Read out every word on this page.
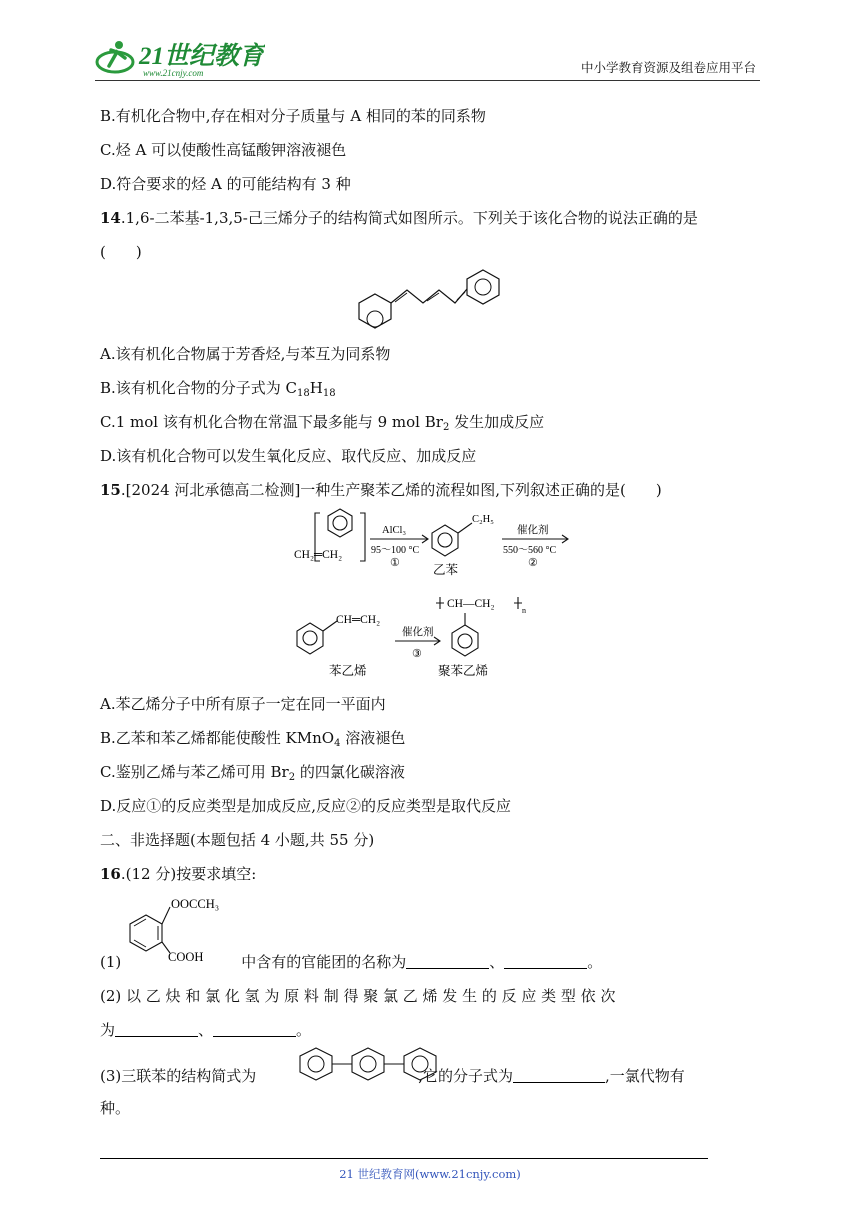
21世纪教育
www.21cnjy.com	中小学教育资源及组卷应用平台
B.有机化合物中,存在相对分子质量与 A 相同的苯的同系物
C.烃 A 可以使酸性高锰酸钾溶液褪色
D.符合要求的烃 A 的可能结构有 3 种
14.1,6-二苯基-1,3,5-己三烯分子的结构简式如图所示。下列关于该化合物的说法正确的是
(　　)
A.该有机化合物属于芳香烃,与苯互为同系物
B.该有机化合物的分子式为 $C_{18}H_{18}$
C.1 mol 该有机化合物在常温下最多能与 9 mol $Br_2$ 发生加成反应
D.该有机化合物可以发生氧化反应、取代反应、加成反应
15.[2024 河北承德高二检测]一种生产聚苯乙烯的流程如图,下列叙述正确的是(　　)
CH₂═CH₂
AlCl₃
95～100 °C
①
C₂H₅
乙苯
催化剂
550～560 °C
②
CH═CH₂
苯乙烯
催化剂
③
CH—CH₂
n
聚苯乙烯
A.苯乙烯分子中所有原子一定在同一平面内
B.乙苯和苯乙烯都能使酸性 KMnO$_4$ 溶液褪色
C.鉴别乙烯与苯乙烯可用 $Br_2$ 的四氯化碳溶液
D.反应①的反应类型是加成反应,反应②的反应类型是取代反应
二、非选择题(本题包括 4 小题,共 55 分)
16.(12 分)按要求填空:
OOCCH₃
COOH
(1)	中含有的官能团的名称为	、	。
(2) 以 乙 炔 和 氯 化 氢 为 原 料 制 得 聚 氯 乙 烯 发 生 的 反 应 类 型 依 次
为	、	。
(3)三联苯的结构简式为	,它的分子式为	,一氯代物有
种。
21 世纪教育网(www.21cnjy.com)
